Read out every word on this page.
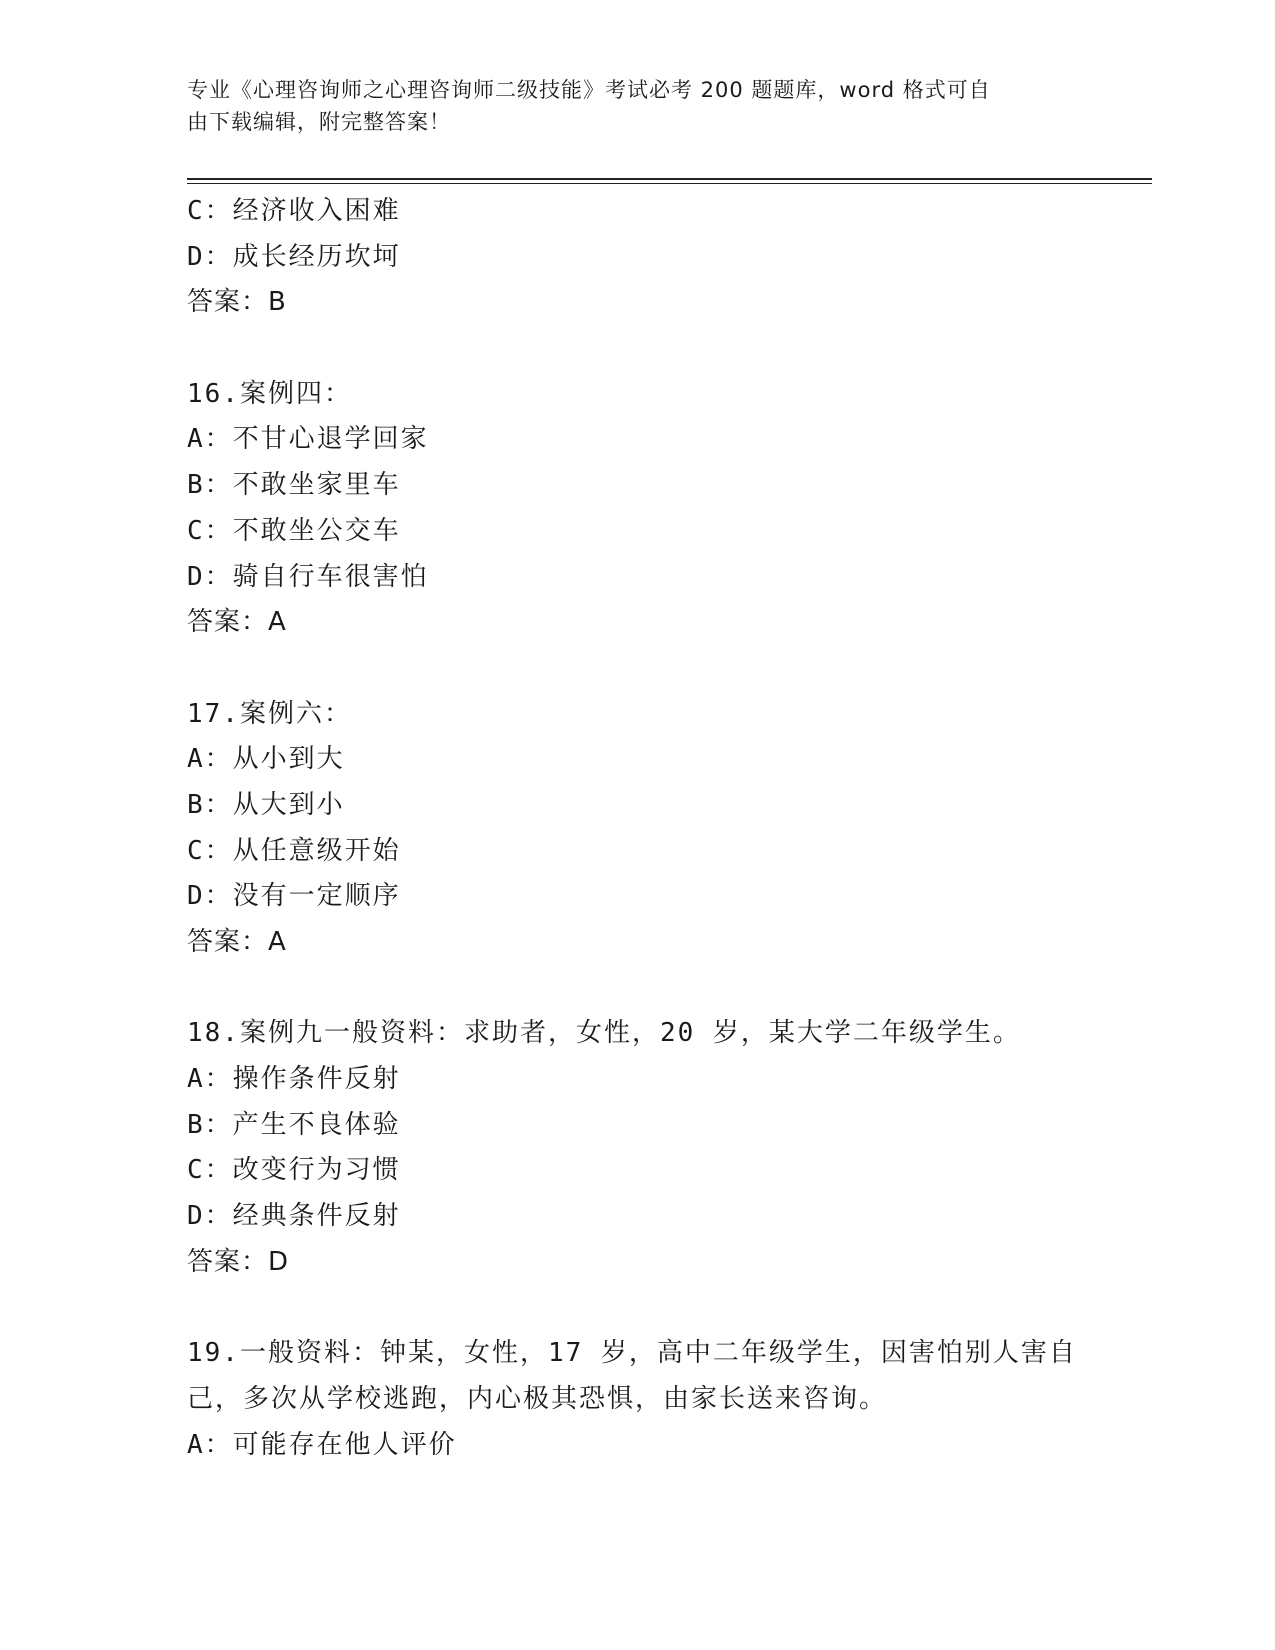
专业《心理咨询师之心理咨询师二级技能》考试必考 200 题题库，word 格式可自
由下载编辑，附完整答案！
C：经济收入困难
D：成长经历坎坷
答案：B
16.案例四：
A：不甘心退学回家
B：不敢坐家里车
C：不敢坐公交车
D：骑自行车很害怕
答案：A
17.案例六：
A：从小到大
B：从大到小
C：从任意级开始
D：没有一定顺序
答案：A
18.案例九一般资料：求助者，女性，20 岁，某大学二年级学生。
A：操作条件反射
B：产生不良体验
C：改变行为习惯
D：经典条件反射
答案：D
19.一般资料：钟某，女性，17 岁，高中二年级学生，因害怕别人害自
己，多次从学校逃跑，内心极其恐惧，由家长送来咨询。
A：可能存在他人评价
